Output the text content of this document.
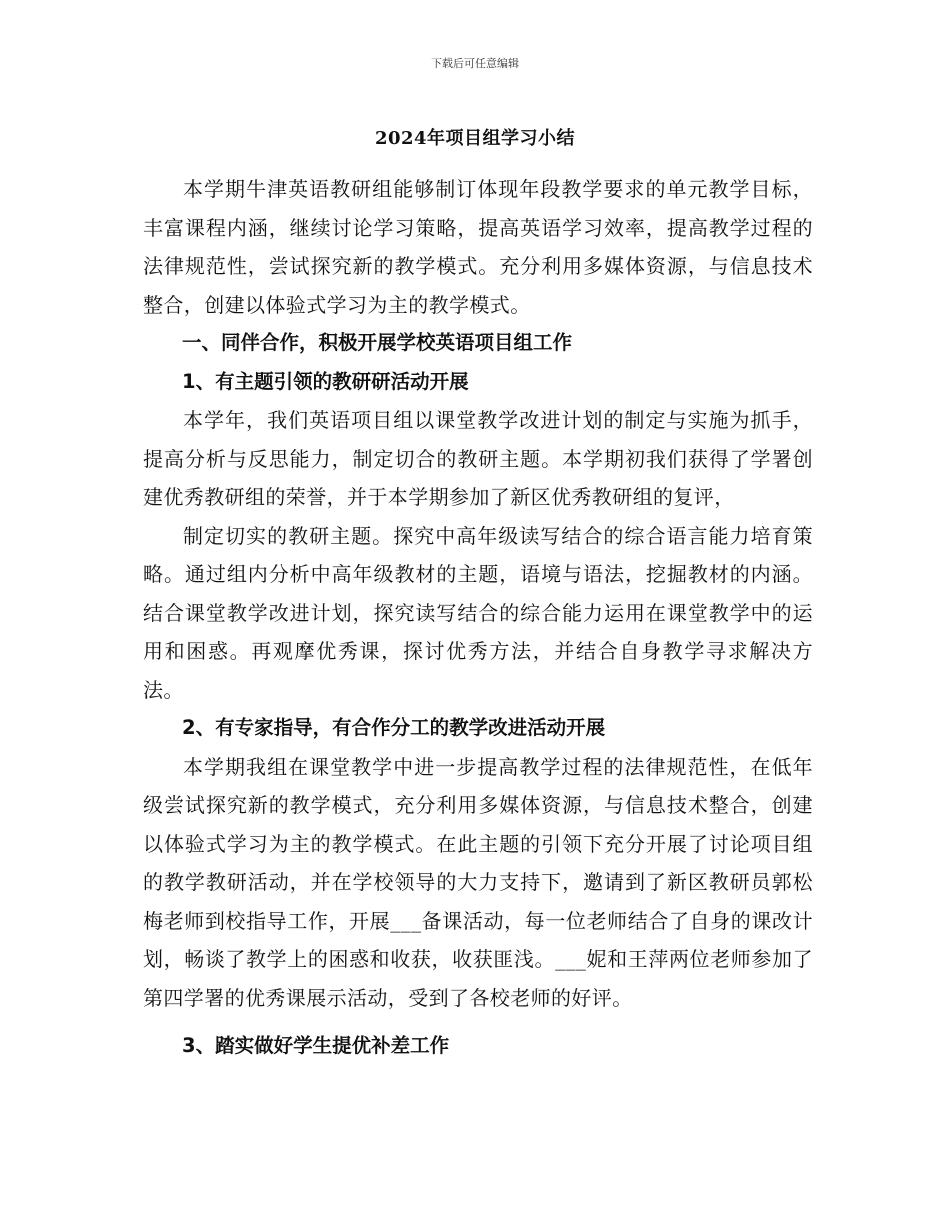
下载后可任意编辑
2024年项目组学习小结

本学期牛津英语教研组能够制订体现年段教学要求的单元教学目标，丰富课程内涵，继续讨论学习策略，提高英语学习效率，提高教学过程的法律规范性，尝试探究新的教学模式。充分利用多媒体资源，与信息技术整合，创建以体验式学习为主的教学模式。

一、同伴合作，积极开展学校英语项目组工作

1、有主题引领的教研研活动开展

本学年，我们英语项目组以课堂教学改进计划的制定与实施为抓手，提高分析与反思能力，制定切合的教研主题。本学期初我们获得了学署创建优秀教研组的荣誉，并于本学期参加了新区优秀教研组的复评，

制定切实的教研主题。探究中高年级读写结合的综合语言能力培育策略。通过组内分析中高年级教材的主题，语境与语法，挖掘教材的内涵。结合课堂教学改进计划，探究读写结合的综合能力运用在课堂教学中的运用和困惑。再观摩优秀课，探讨优秀方法，并结合自身教学寻求解决方法。

2、有专家指导，有合作分工的教学改进活动开展

本学期我组在课堂教学中进一步提高教学过程的法律规范性，在低年级尝试探究新的教学模式，充分利用多媒体资源，与信息技术整合，创建以体验式学习为主的教学模式。在此主题的引领下充分开展了讨论项目组的教学教研活动，并在学校领导的大力支持下，邀请到了新区教研员郭松梅老师到校指导工作，开展___备课活动，每一位老师结合了自身的课改计划，畅谈了教学上的困惑和收获，收获匪浅。___妮和王萍两位老师参加了第四学署的优秀课展示活动，受到了各校老师的好评。

3、踏实做好学生提优补差工作
